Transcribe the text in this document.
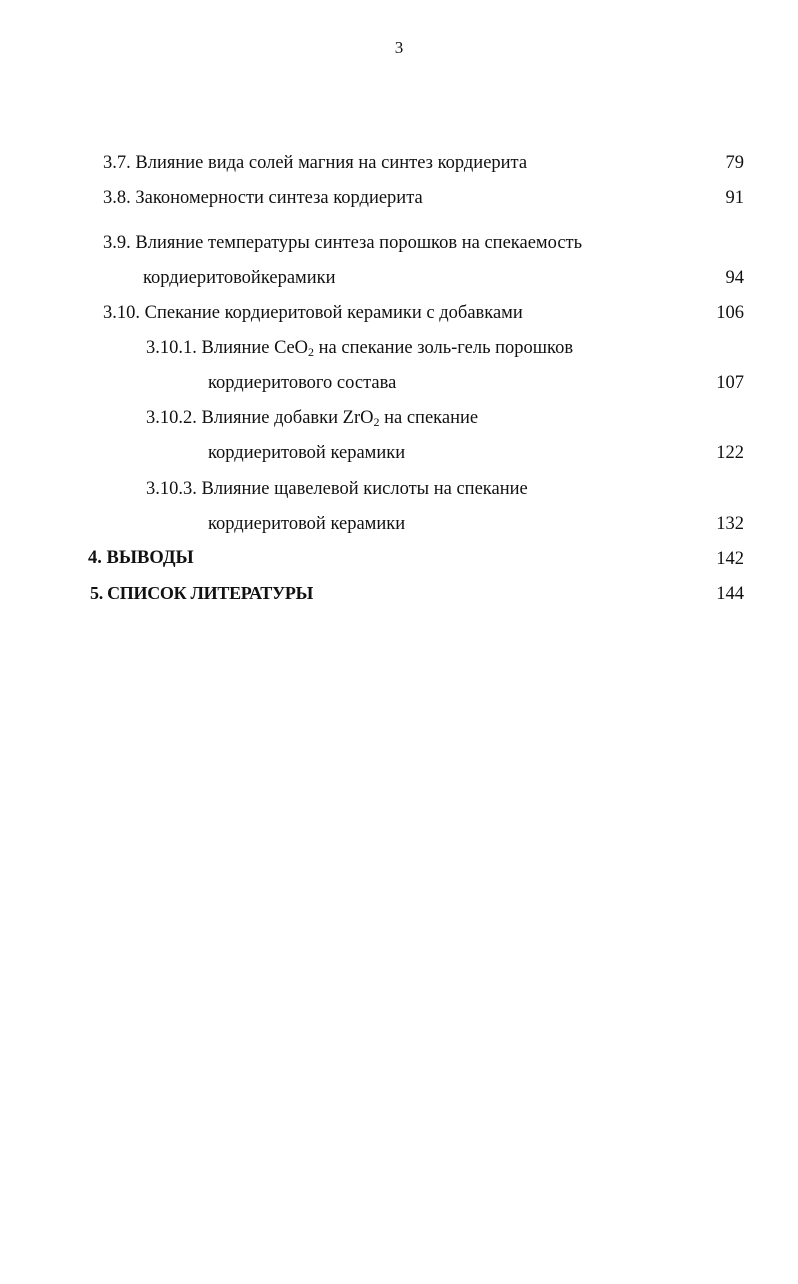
3
3.7. Влияние вида солей магния на синтез кордиерита	79
3.8. Закономерности синтеза кордиерита	91
3.9. Влияние температуры синтеза порошков на спекаемость
кордиеритовойкерамики	94
3.10. Спекание кордиеритовой керамики с добавками	106
3.10.1. Влияние CeO$_2$ на спекание золь-гель порошков
кордиеритового состава	107
3.10.2. Влияние добавки ZrO$_2$ на спекание
кордиеритовой керамики	122
3.10.3. Влияние щавелевой кислоты на спекание
кордиеритовой керамики	132
4. ВЫВОДЫ	142
5. СПИСОК ЛИТЕРАТУРЫ	144
